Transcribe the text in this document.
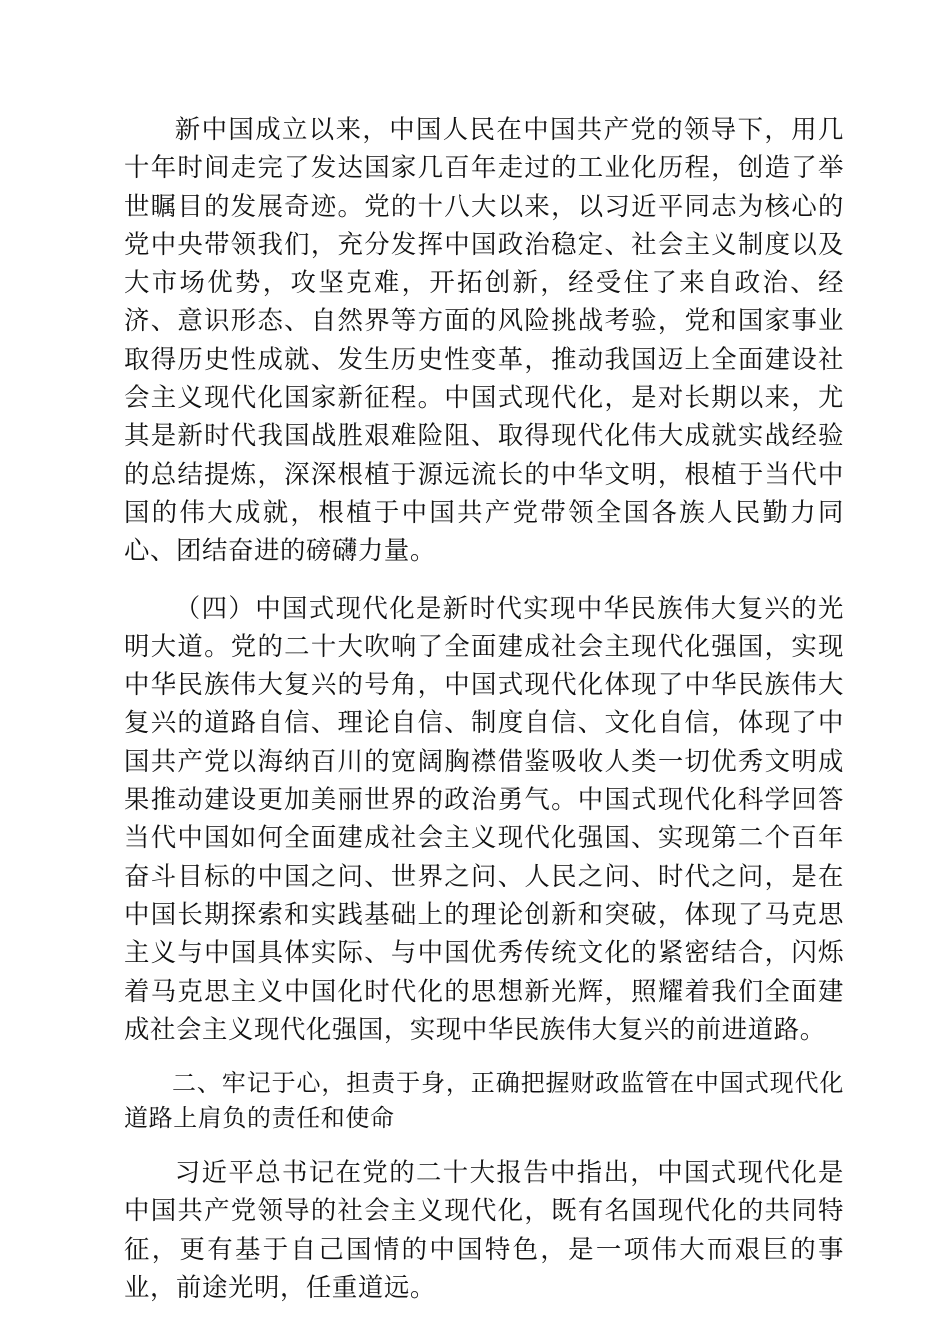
新中国成立以来，中国人民在中国共产党的领导下，用几十年时间走完了发达国家几百年走过的工业化历程，创造了举世瞩目的发展奇迹。党的十八大以来，以习近平同志为核心的党中央带领我们，充分发挥中国政治稳定、社会主义制度以及大市场优势，攻坚克难，开拓创新，经受住了来自政治、经济、意识形态、自然界等方面的风险挑战考验，党和国家事业取得历史性成就、发生历史性变革，推动我国迈上全面建设社会主义现代化国家新征程。中国式现代化，是对长期以来，尤其是新时代我国战胜艰难险阻、取得现代化伟大成就实战经验的总结提炼，深深根植于源远流长的中华文明，根植于当代中国的伟大成就，根植于中国共产党带领全国各族人民勤力同心、团结奋进的磅礴力量。

（四）中国式现代化是新时代实现中华民族伟大复兴的光明大道。党的二十大吹响了全面建成社会主现代化强国，实现中华民族伟大复兴的号角，中国式现代化体现了中华民族伟大复兴的道路自信、理论自信、制度自信、文化自信，体现了中国共产党以海纳百川的宽阔胸襟借鉴吸收人类一切优秀文明成果推动建设更加美丽世界的政治勇气。中国式现代化科学回答当代中国如何全面建成社会主义现代化强国、实现第二个百年奋斗目标的中国之问、世界之问、人民之问、时代之问，是在中国长期探索和实践基础上的理论创新和突破，体现了马克思主义与中国具体实际、与中国优秀传统文化的紧密结合，闪烁着马克思主义中国化时代化的思想新光辉，照耀着我们全面建成社会主义现代化强国，实现中华民族伟大复兴的前进道路。

二、牢记于心，担责于身，正确把握财政监管在中国式现代化道路上肩负的责任和使命

习近平总书记在党的二十大报告中指出，中国式现代化是中国共产党领导的社会主义现代化，既有名国现代化的共同特征，更有基于自己国情的中国特色，是一项伟大而艰巨的事业，前途光明，任重道远。
